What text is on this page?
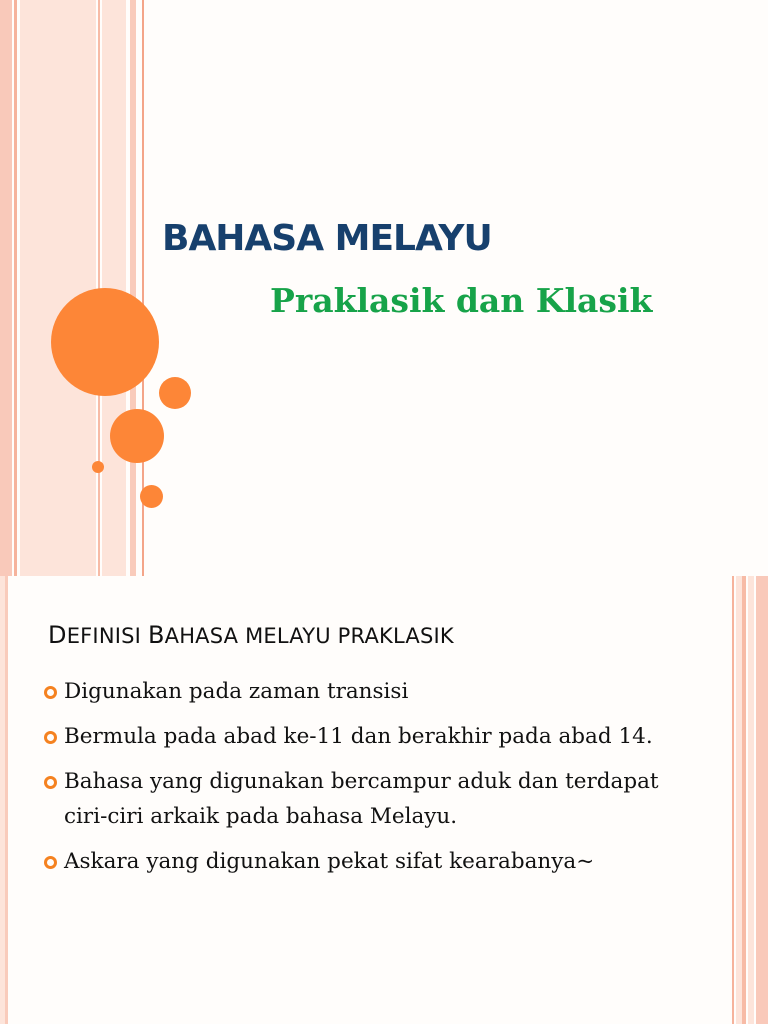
BAHASA MELAYU
Praklasik dan Klasik
DEFINISI BAHASA MELAYU PRAKLASIK
Digunakan pada zaman transisi
Bermula pada abad ke-11 dan berakhir pada abad 14.
Bahasa yang digunakan bercampur aduk dan terdapat ciri-ciri arkaik pada bahasa Melayu.
Askara yang digunakan pekat sifat kearabanya~
